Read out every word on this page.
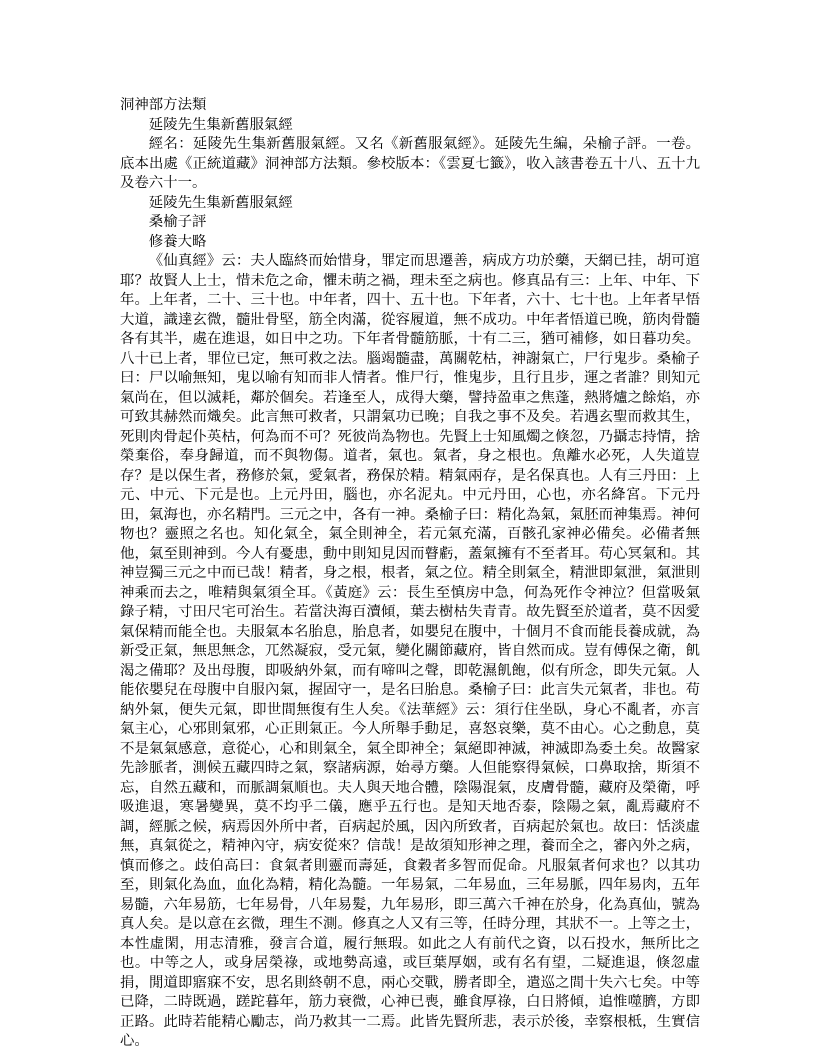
洞神部方法類

延陵先生集新舊服氣經

經名：延陵先生集新舊服氣經。又名《新舊服氣經》。延陵先生編，朵榆子評。一卷。底本出處《正統道藏》洞神部方法類。參校版本：《雲夏七籤》，收入該書卷五十八、五十九及卷六十一。

延陵先生集新舊服氣經

桑榆子評

修養大略

《仙真經》云：夫人臨終而始惜身，罪定而思遷善，病成方功於藥，天網已挂，胡可逭耶？故賢人上士，惜未危之命，懼未萌之禍，理未至之病也。修真品有三：上年、中年、下年。上年者，二十、三十也。中年者，四十、五十也。下年者，六十、七十也。上年者早悟大道，識達玄微，髓壯骨堅，筋全肉滿，從容履道，無不成功。中年者悟道已晚，筋肉骨髓各有其半，處在進退，如日中之功。下年者骨髓筋脈，十有二三，猶可補修，如日暮功矣。八十已上者，罪位已定，無可救之法。腦竭髓盡，萬關乾枯，神謝氣亡，尸行鬼步。桑榆子曰：尸以喻無知，鬼以喻有知而非人情者。惟尸行，惟鬼步，且行且步，運之者誰？則知元氣尚在，但以滅耗，鄰於個矣。若逢至人，成得大藥，譬持盈車之焦蓬，熱將爐之餘焰，亦可致其赫然而熾矣。此言無可救者，只謂氣功已晚；自我之事不及矣。若遇玄聖而救其生，死則肉骨起仆英枯，何為而不可？死彼尚為物也。先賢上士知風燭之倏忽，乃攝志持情，捨榮棄俗，奉身歸道，而不與物傷。道者，氣也。氣者，身之根也。魚離水必死，人失道豈存？是以保生者，務修於氣，愛氣者，務保於精。精氣兩存，是名保真也。人有三丹田：上元、中元、下元是也。上元丹田，腦也，亦名泥丸。中元丹田，心也，亦名絳宮。下元丹田，氣海也，亦名精門。三元之中，各有一神。桑榆子曰：精化為氣，氣胚而神集焉。神何物也？靈照之名也。知化氣全，氣全則神全，若元氣充滿，百骸孔家神必備矣。必備者無他，氣至則神到。今人有憂患，動中則知見因而瞽虧，蓋氣擁有不至者耳。苟心冥氣和。其神豈獨三元之中而已哉！精者，身之根，根者，氣之位。精全則氣全，精泄即氣泄，氣泄則神乘而去之，唯精與氣須全耳。《黃庭》云：長生至慎房中急，何為死作令神泣？但當吸氣錄子精，寸田尺宅可治生。若當決海百瀆傾，葉去樹枯失青青。故先賢至於道者，莫不因愛氣保精而能全也。夫服氣本名胎息，胎息者，如嬰兒在腹中，十個月不食而能長養成就，為新受正氣，無思無念，兀然凝寂，受元氣，變化關節藏府，皆自然而成。豈有傅保之衛，飢渴之備耶？及出母腹，即吸納外氣，而有啼叫之聲，即乾濕飢飽，似有所念，即失元氣。人能依嬰兒在母腹中自服內氣，握固守一，是名曰胎息。桑榆子曰：此言失元氣者，非也。苟納外氣，便失元氣，即世間無復有生人矣。《法華經》云：須行住坐臥，身心不亂者，亦言氣主心，心邪則氣邪，心正則氣正。今人所舉手動足，喜怒哀樂，莫不由心。心之動息，莫不是氣氣感意，意從心，心和則氣全，氣全即神全；氣絕即神滅，神滅即為委土矣。故醫家先診脈者，測候五藏四時之氣，察諸病源，始尋方藥。人但能察得氣候，口鼻取捨，斯須不忘，自然五藏和，而脈調氣順也。夫人與天地合體，陰陽混氣，皮膚骨髓，藏府及榮衛，呼吸進退，寒暑變異，莫不均乎二儀，應乎五行也。是知天地否泰，陰陽之氣，亂焉藏府不調，經脈之候，病焉因外所中者，百病起於風，因內所致者，百病起於氣也。故曰：恬淡虛無，真氣從之，精神內守，病安從來？信哉！是故須知形神之理，養而全之，審內外之病，慎而修之。歧伯高曰：食氣者則靈而壽延，食穀者多智而促命。凡服氣者何求也？以其功至，則氣化為血，血化為精，精化為髓。一年易氣，二年易血，三年易脈，四年易肉，五年易髓，六年易筋，七年易骨，八年易髮，九年易形，即三萬六千神在於身，化為真仙，號為真人矣。是以意在玄微，理生不測。修真之人又有三等，任時分理，其狀不一。上等之士，本性虛閑，用志清雅，發言合道，履行無瑕。如此之人有前代之資，以石投水，無所比之也。中等之人，或身居榮祿，或地勢高遠，或巨葉厚姻，或有名有望，二疑進退，倏忽虛捐，閒道即寤寐不安，思名則終朝不息，兩心交戰，勝者即全，遣巡之間十失六七矣。中等已降，二時既過，蹉跎暮年，筋力衰微，心神已喪，雖食厚祿，白日將傾，追惟噬臍，方即正路。此時若能精心勵志，尚乃救其一二焉。此皆先賢所悲，表示於後，幸察根柢，生實信心。
